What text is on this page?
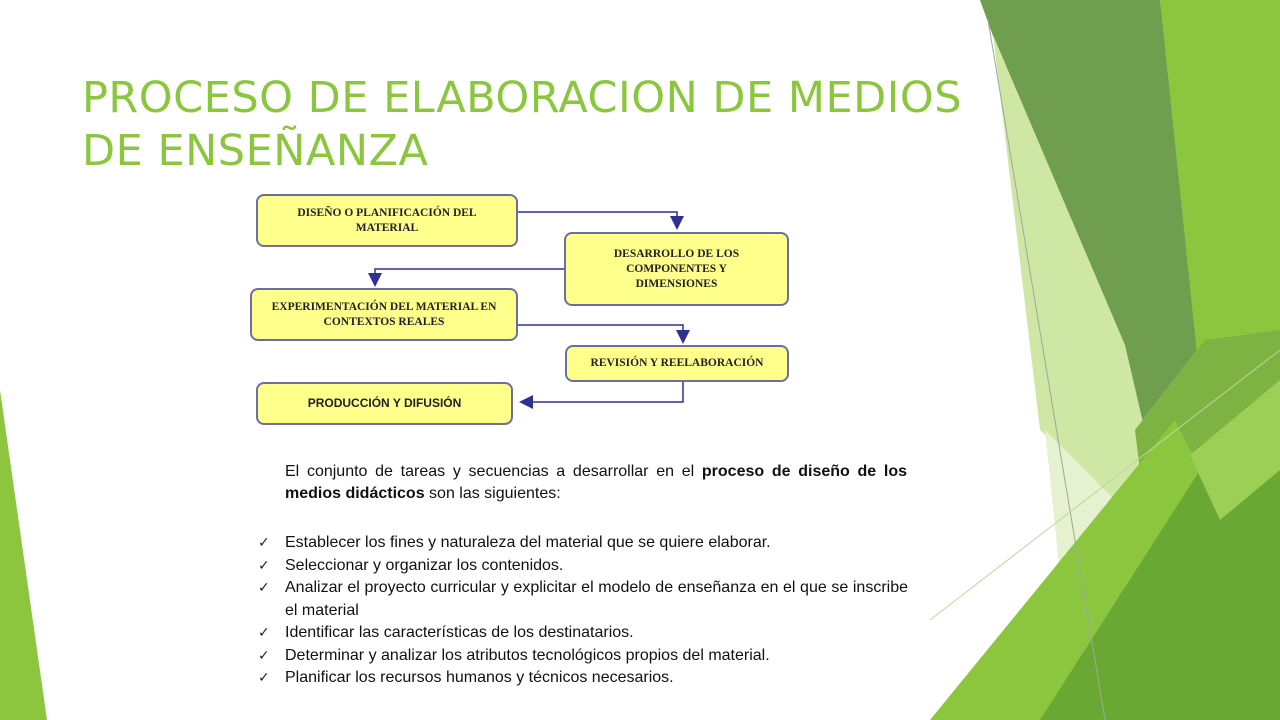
PROCESO DE ELABORACION DE MEDIOS
DE ENSEÑANZA
DISEÑO O PLANIFICACIÓN DEL
MATERIAL
DESARROLLO DE LOS
COMPONENTES Y
DIMENSIONES
EXPERIMENTACIÓN DEL MATERIAL EN
CONTEXTOS REALES
REVISIÓN Y REELABORACIÓN
PRODUCCIÓN Y DIFUSIÓN

El conjunto de tareas y secuencias a desarrollar en el proceso de diseño de los medios didácticos son las siguientes:

✓ Establecer los fines y naturaleza del material que se quiere elaborar.
✓ Seleccionar y organizar los contenidos.
✓ Analizar el proyecto curricular y explicitar el modelo de enseñanza en el que se inscribe el material
✓ Identificar las características de los destinatarios.
✓ Determinar y analizar los atributos tecnológicos propios del material.
✓ Planificar los recursos humanos y técnicos necesarios.
